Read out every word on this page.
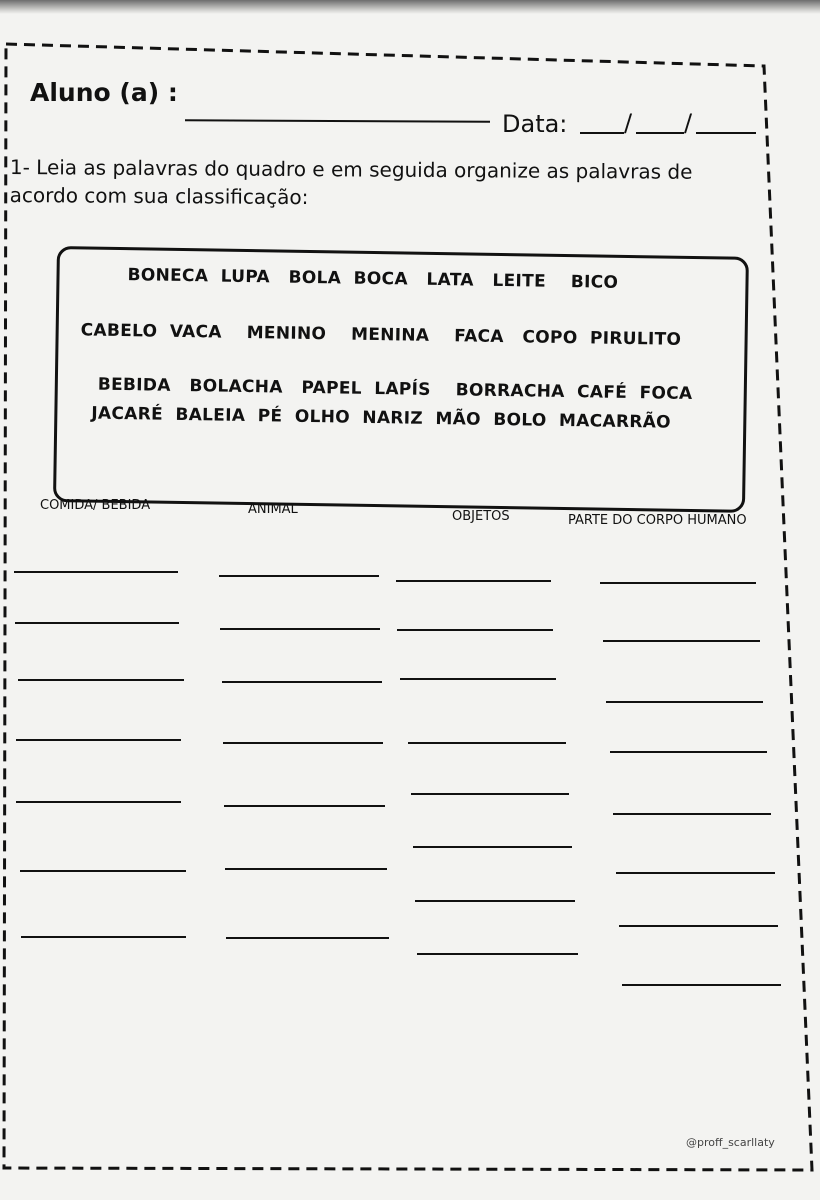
Aluno (a) :
Data: / /
1- Leia as palavras do quadro e em seguida organize as palavras de
acordo com sua classificação:
BONECA  LUPA   BOLA  BOCA   LATA   LEITE    BICO
CABELO  VACA    MENINO    MENINA    FACA   COPO  PIRULITO
BEBIDA   BOLACHA   PAPEL  LAPÍS    BORRACHA  CAFÉ  FOCA
JACARÉ  BALEIA  PÉ  OLHO  NARIZ  MÃO  BOLO  MACARRÃO
COMIDA/ BEBIDA	ANIMAL	OBJETOS	PARTE DO CORPO HUMANO
@proff_scarllaty
